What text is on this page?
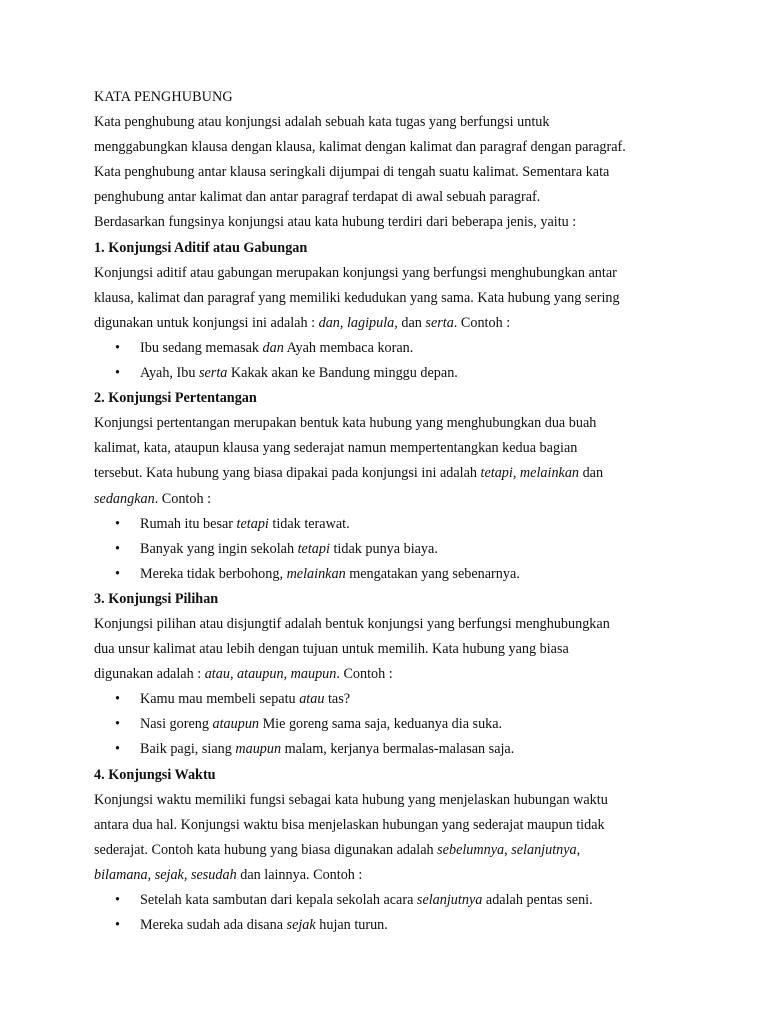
KATA PENGHUBUNG
Kata penghubung atau konjungsi adalah sebuah kata tugas yang berfungsi untuk
menggabungkan klausa dengan klausa, kalimat dengan kalimat dan paragraf dengan paragraf.
Kata penghubung antar klausa seringkali dijumpai di tengah suatu kalimat. Sementara kata
penghubung antar kalimat dan antar paragraf terdapat di awal sebuah paragraf.
Berdasarkan fungsinya konjungsi atau kata hubung terdiri dari beberapa jenis, yaitu :
1. Konjungsi Aditif atau Gabungan
Konjungsi aditif atau gabungan merupakan konjungsi yang berfungsi menghubungkan antar
klausa, kalimat dan paragraf yang memiliki kedudukan yang sama. Kata hubung yang sering
digunakan untuk konjungsi ini adalah : dan, lagipula, dan serta. Contoh :
• Ibu sedang memasak dan Ayah membaca koran.
• Ayah, Ibu serta Kakak akan ke Bandung minggu depan.
2. Konjungsi Pertentangan
Konjungsi pertentangan merupakan bentuk kata hubung yang menghubungkan dua buah
kalimat, kata, ataupun klausa yang sederajat namun mempertentangkan kedua bagian
tersebut. Kata hubung yang biasa dipakai pada konjungsi ini adalah tetapi, melainkan dan
sedangkan. Contoh :
• Rumah itu besar tetapi tidak terawat.
• Banyak yang ingin sekolah tetapi tidak punya biaya.
• Mereka tidak berbohong, melainkan mengatakan yang sebenarnya.
3. Konjungsi Pilihan
Konjungsi pilihan atau disjungtif adalah bentuk konjungsi yang berfungsi menghubungkan
dua unsur kalimat atau lebih dengan tujuan untuk memilih. Kata hubung yang biasa
digunakan adalah : atau, ataupun, maupun. Contoh :
• Kamu mau membeli sepatu atau tas?
• Nasi goreng ataupun Mie goreng sama saja, keduanya dia suka.
• Baik pagi, siang maupun malam, kerjanya bermalas-malasan saja.
4. Konjungsi Waktu
Konjungsi waktu memiliki fungsi sebagai kata hubung yang menjelaskan hubungan waktu
antara dua hal. Konjungsi waktu bisa menjelaskan hubungan yang sederajat maupun tidak
sederajat. Contoh kata hubung yang biasa digunakan adalah sebelumnya, selanjutnya,
bilamana, sejak, sesudah dan lainnya. Contoh :
• Setelah kata sambutan dari kepala sekolah acara selanjutnya adalah pentas seni.
• Mereka sudah ada disana sejak hujan turun.
